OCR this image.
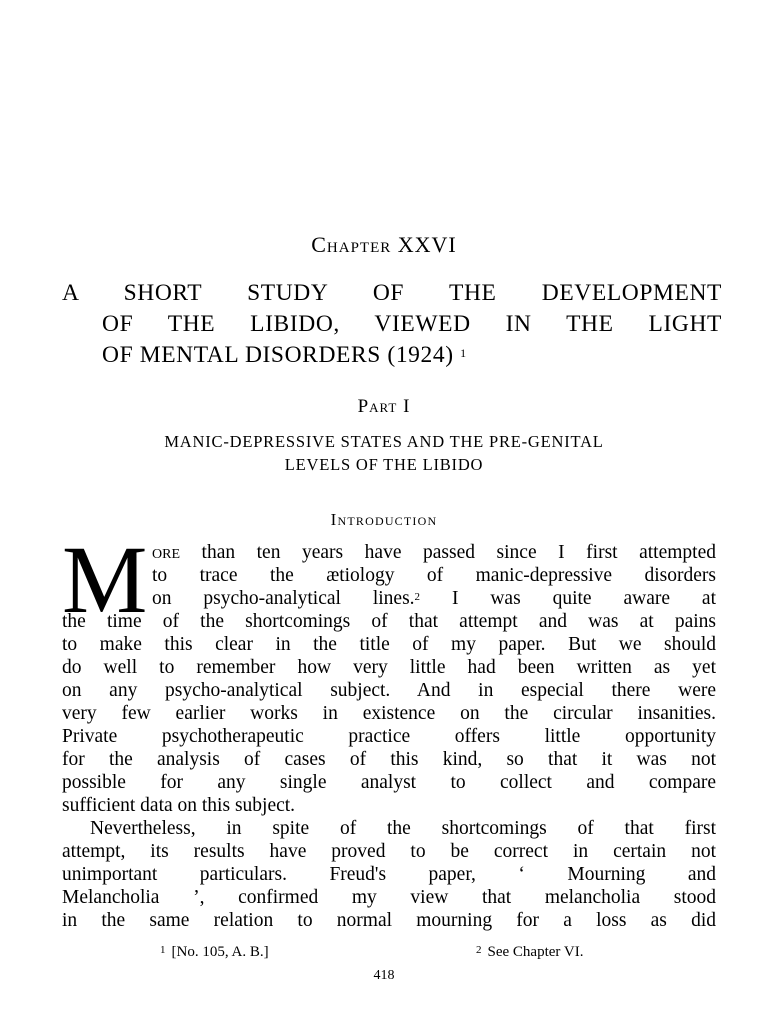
Chapter XXVI
A SHORT STUDY OF THE DEVELOPMENT
OF THE LIBIDO, VIEWED IN THE LIGHT
OF MENTAL DISORDERS (1924) $^1$
Part I
MANIC-DEPRESSIVE STATES AND THE PRE-GENITAL
LEVELS OF THE LIBIDO
Introduction
M ore than ten years have passed since I first attempted
to trace the ætiology of manic-depressive disorders
on psycho-analytical lines.$^2$ I was quite aware at
the time of the shortcomings of that attempt and was at pains
to make this clear in the title of my paper. But we should
do well to remember how very little had been written as yet
on any psycho-analytical subject. And in especial there were
very few earlier works in existence on the circular insanities.
Private psychotherapeutic practice offers little opportunity
for the analysis of cases of this kind, so that it was not
possible for any single analyst to collect and compare
sufficient data on this subject.
Nevertheless, in spite of the shortcomings of that first
attempt, its results have proved to be correct in certain not
unimportant particulars. Freud's paper, ‘ Mourning and
Melancholia ’, confirmed my view that melancholia stood
in the same relation to normal mourning for a loss as did
$^1$ [No. 105, A. B.]	$^2$ See Chapter VI.
418
